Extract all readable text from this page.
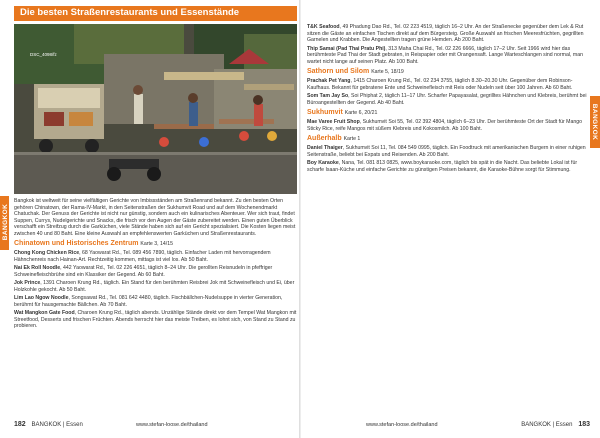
Die besten Straßenrestaurants und Essenstände
BANGKOK
DSC_4098/fz

Bangkok ist weltweit für seine vielfältigen Gerichte von Imbissständen am Straßenrand bekannt. Zu den besten Orten gehören Chinatown, der Rama-IV-Markt, in den Seitenstraßen der Sukhumvit Road und auf dem Wochenendmarkt Chatuchak. Der Genuss der Gerichte ist nicht nur günstig, sondern auch ein kulinarisches Abenteuer. Wer sich traut, findet Suppen, Currys, Nudelgerichte und Snacks, die frisch vor den Augen der Gäste zubereitet werden. Einen guten Überblick verschafft ein Streifzug durch die Garküchen, viele Stände haben sich auf ein Gericht spezialisiert. Die Kosten liegen meist zwischen 40 und 80 Baht. Eine kleine Auswahl an empfehlenswerten Garküchen und Straßenrestaurants.

Chinatown und Historisches Zentrum Karte 3, 14/15

Chong Kong Chicken Rice, 68 Yaowarat Rd., Tel. 089 456 7890, täglich. Einfacher Laden mit hervorragendem Hähnchenreis nach Hainan-Art. Rechtzeitig kommen, mittags ist viel los. Ab 50 Baht.

Nai Ek Roll Noodle, 442 Yaowarat Rd., Tel. 02 226 4651, täglich 8–24 Uhr. Die gerollten Reisnudeln in pfeffriger Schweinefleischbrühe sind ein Klassiker der Gegend. Ab 60 Baht.

Jok Prince, 1391 Charoen Krung Rd., täglich. Ein Stand für den berühmten Reisbrei Jok mit Schweinefleisch und Ei, über Holzkohle gekocht. Ab 50 Baht.

Lim Lao Ngow Noodle, Songsawat Rd., Tel. 081 642 4480, täglich. Fischbällchen-Nudelsuppe in vierter Generation, berühmt für hausgemachte Bällchen. Ab 70 Baht.

Wat Mangkon Gate Food, Charoen Krung Rd., täglich abends. Unzählige Stände direkt vor dem Tempel Wat Mangkon mit Streetfood, Desserts und frischen Früchten. Abends herrscht hier das meiste Treiben, es lohnt sich, von Stand zu Stand zu probieren.

182 BANGKOK | Essen	www.stefan-loose.de/thailand
BANGKOK

T&K Seafood, 49 Phadung Dao Rd., Tel. 02 223 4519, täglich 16–2 Uhr. An der Straßenecke gegenüber dem Lek & Rut sitzen die Gäste an einfachen Tischen direkt auf dem Bürgersteig. Große Auswahl an frischen Meeresfrüchten, gegrillten Garnelen und Krabben. Die Angestellten tragen grüne Hemden. Ab 200 Baht.

Thip Samai (Pad Thai Pratu Phi), 313 Maha Chai Rd., Tel. 02 226 6666, täglich 17–2 Uhr. Seit 1966 wird hier das berühmteste Pad Thai der Stadt gebraten, in Reispapier oder mit Orangensaft. Lange Warteschlangen sind normal, man wartet nicht lange auf seinen Platz. Ab 100 Baht.

Sathorn und Silom Karte 5, 18/19

Prachak Pet Yang, 1415 Charoen Krung Rd., Tel. 02 234 3755, täglich 8.30–20.30 Uhr. Gegenüber dem Robinson-Kaufhaus. Bekannt für gebratene Ente und Schweinefleisch mit Reis oder Nudeln seit über 100 Jahren. Ab 60 Baht.

Som Tam Jay So, Soi Phiphat 2, täglich 11–17 Uhr. Scharfer Papayasalat, gegrilltes Hähnchen und Klebreis, berühmt bei Büroangestellten der Gegend. Ab 40 Baht.

Sukhumvit Karte 6, 20/21

Mae Varee Fruit Shop, Sukhumvit Soi 55, Tel. 02 392 4804, täglich 6–23 Uhr. Der berühmteste Ort der Stadt für Mango Sticky Rice, reife Mangos mit süßem Klebreis und Kokosmilch. Ab 100 Baht.

Außerhalb Karte 1

Daniel Thaiger, Sukhumvit Soi 11, Tel. 084 549 0995, täglich. Ein Foodtruck mit amerikanischen Burgern in einer ruhigen Seitenstraße, beliebt bei Expats und Reisenden. Ab 200 Baht.

Boy Karaoke, Nana, Tel. 081 813 0825, www.boykaraoke.com, täglich bis spät in die Nacht. Das beliebte Lokal ist für scharfe Isaan-Küche und einfache Gerichte zu günstigen Preisen bekannt, die Karaoke-Bühne sorgt für Stimmung.

www.stefan-loose.de/thailand	BANGKOK | Essen 183
